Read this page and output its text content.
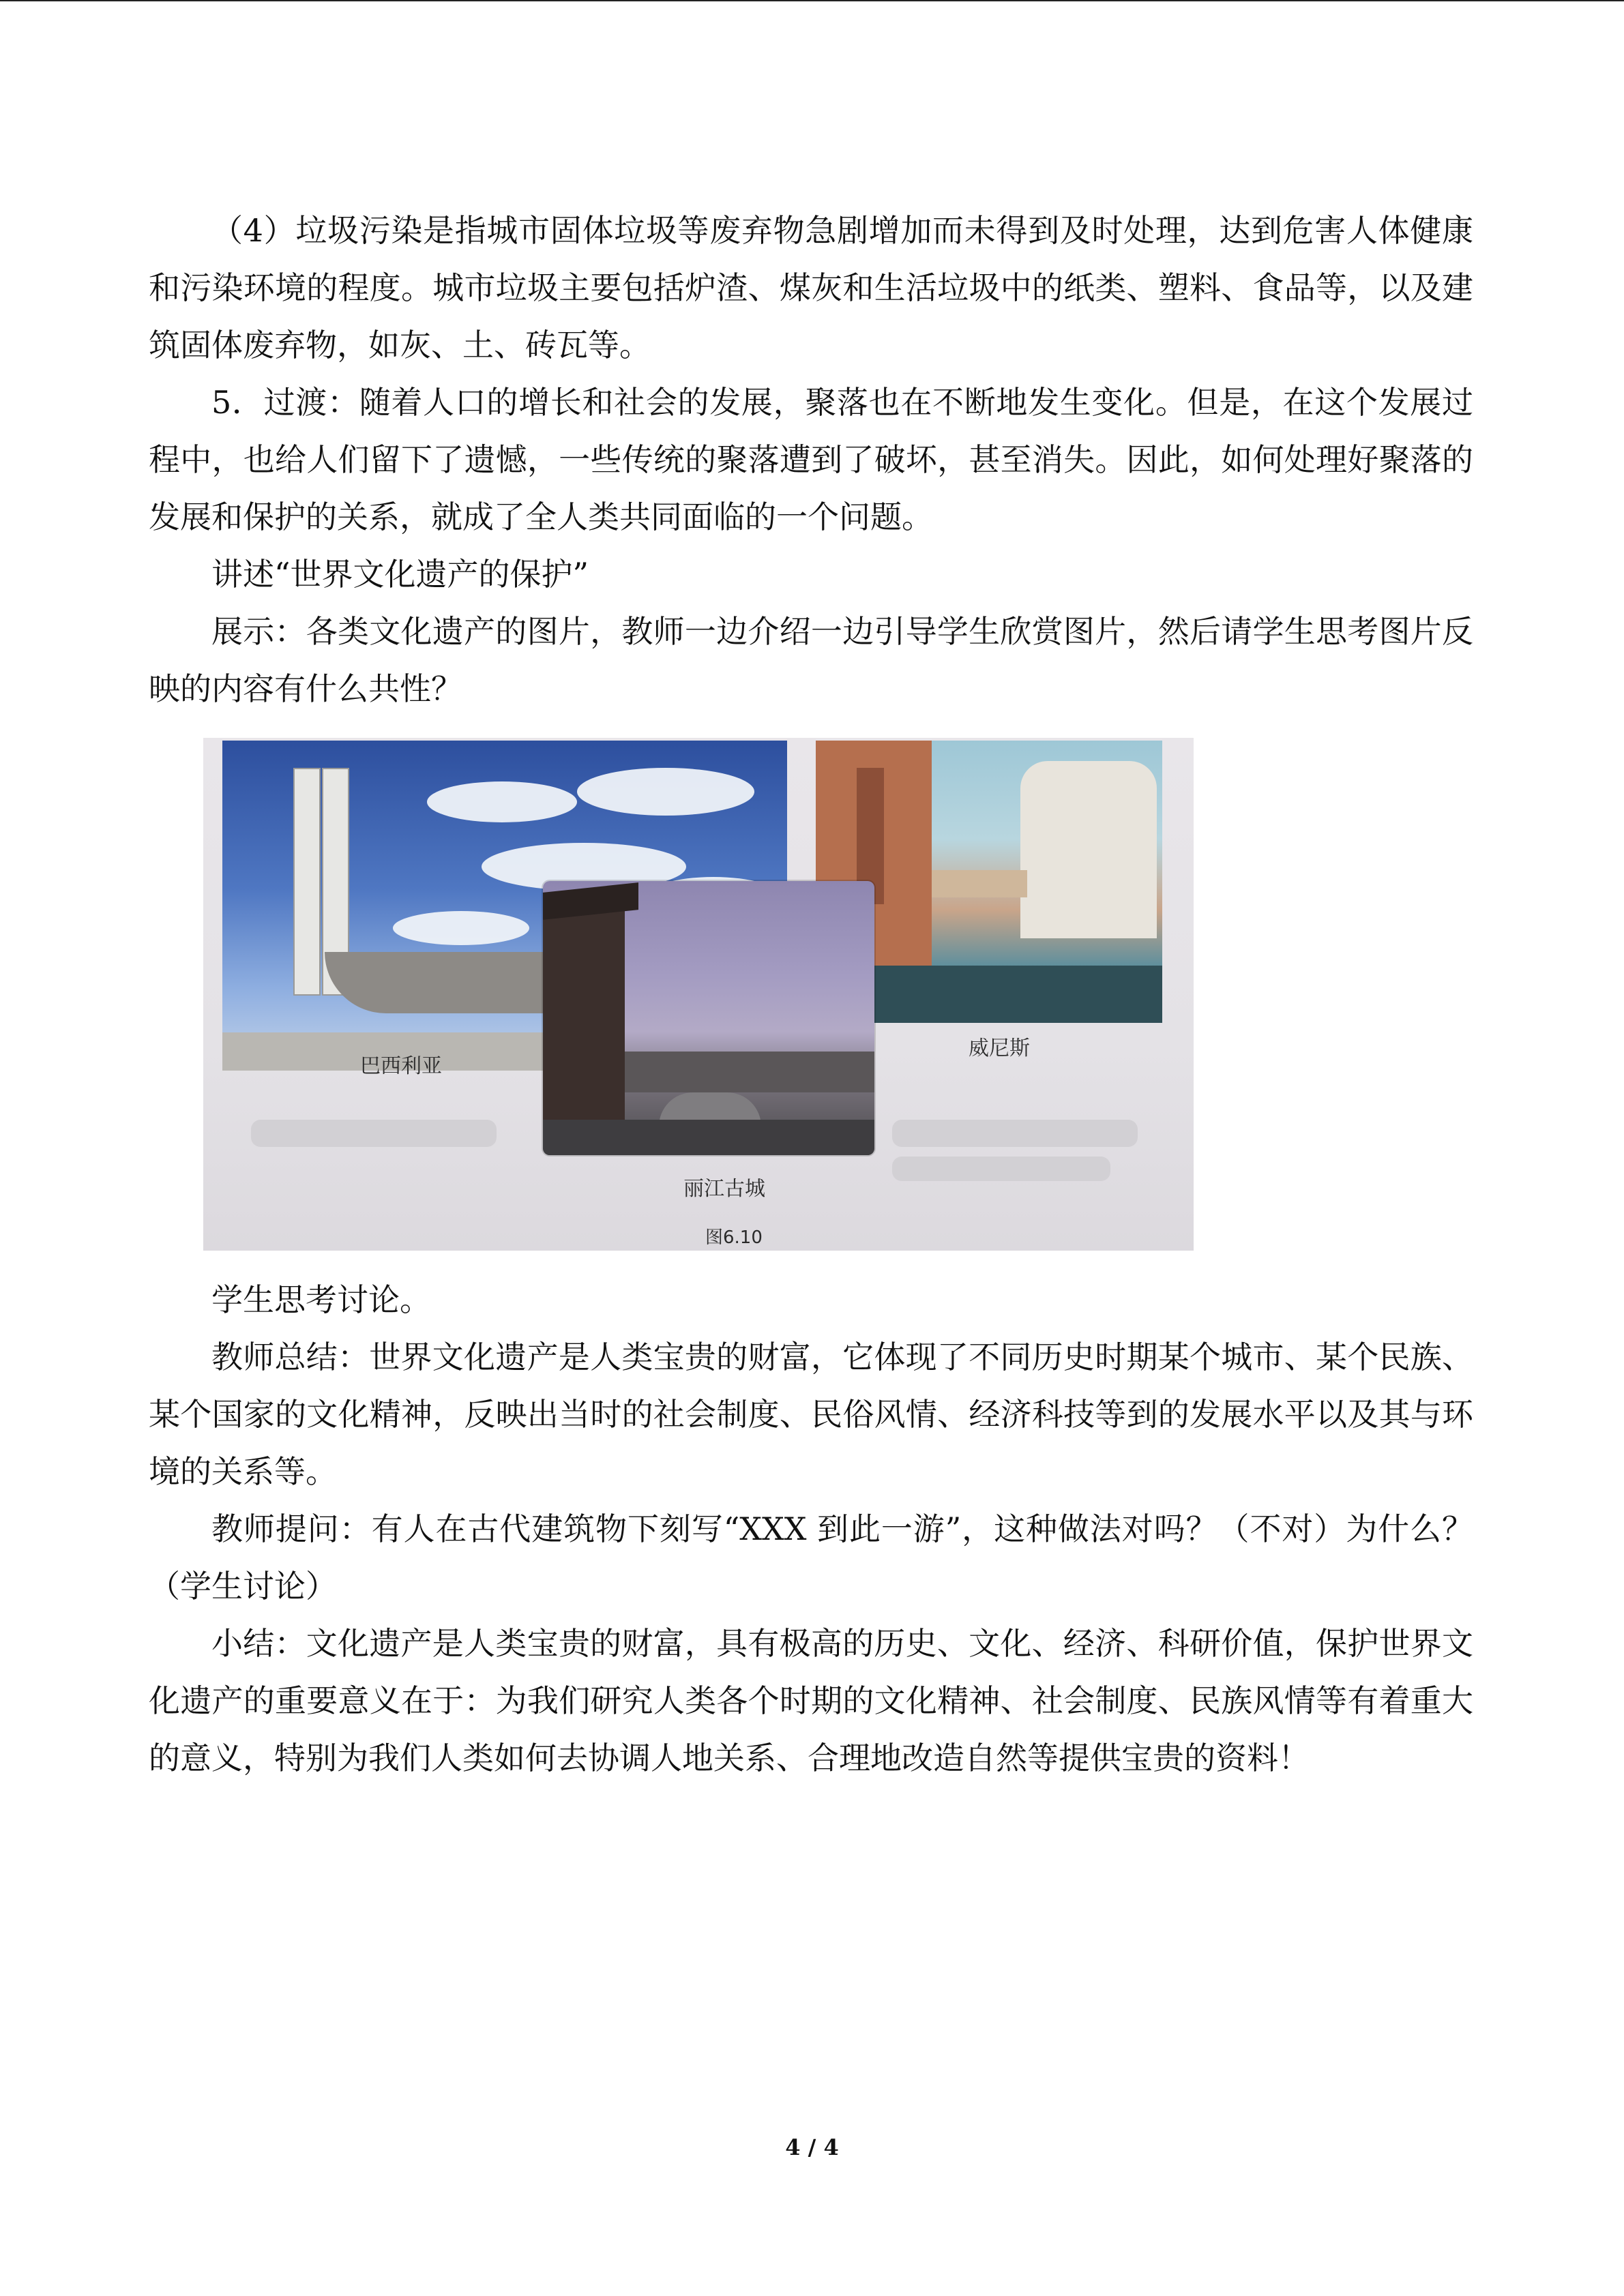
（4）垃圾污染是指城市固体垃圾等废弃物急剧增加而未得到及时处理，达到危害人体健康和污染环境的程度。城市垃圾主要包括炉渣、煤灰和生活垃圾中的纸类、塑料、食品等，以及建筑固体废弃物，如灰、土、砖瓦等。

5．过渡：随着人口的增长和社会的发展，聚落也在不断地发生变化。但是，在这个发展过程中，也给人们留下了遗憾，一些传统的聚落遭到了破坏，甚至消失。因此，如何处理好聚落的发展和保护的关系，就成了全人类共同面临的一个问题。

讲述“世界文化遗产的保护”

展示：各类文化遗产的图片，教师一边介绍一边引导学生欣赏图片，然后请学生思考图片反映的内容有什么共性？

威尼斯
巴西利亚
丽江古城
图6.10

学生思考讨论。

教师总结：世界文化遗产是人类宝贵的财富，它体现了不同历史时期某个城市、某个民族、某个国家的文化精神，反映出当时的社会制度、民俗风情、经济科技等到的发展水平以及其与环境的关系等。

教师提问：有人在古代建筑物下刻写“XXX 到此一游”，这种做法对吗？（不对）为什么？（学生讨论）

小结：文化遗产是人类宝贵的财富，具有极高的历史、文化、经济、科研价值，保护世界文化遗产的重要意义在于：为我们研究人类各个时期的文化精神、社会制度、民族风情等有着重大的意义，特别为我们人类如何去协调人地关系、合理地改造自然等提供宝贵的资料！

4 / 4
